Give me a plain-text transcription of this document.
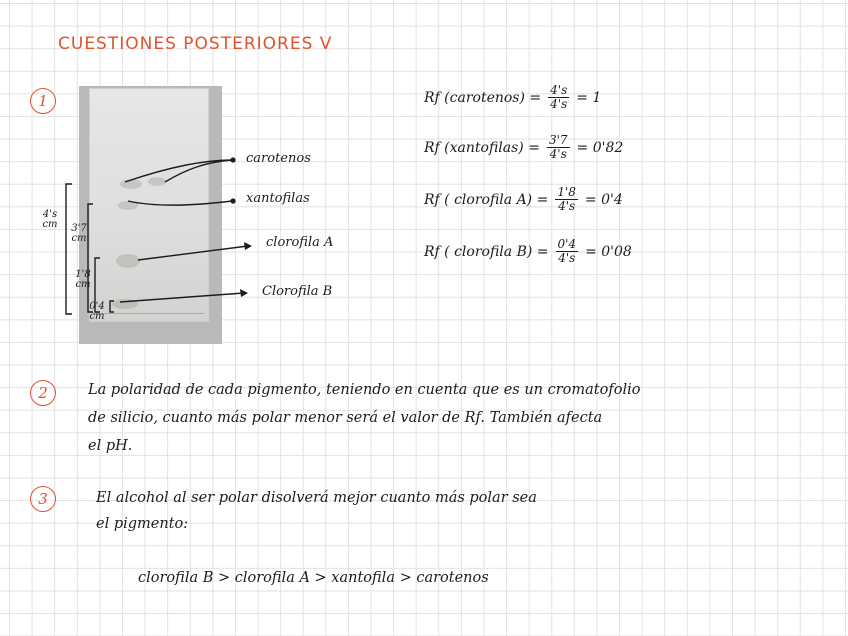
CUESTIONES POSTERIORES Ⅴ
1
carotenos
xantofilas
clorofila A
Clorofila B
4's cm	3'7 cm
1'8 cm
0'4 cm
Rf (carotenos) = $\frac{4's}{4's} = 1$
Rf (xantofilas) = $\frac{3'7}{4's} = 0'82$
Rf ( clorofila $A) = \frac{1'8}{4's} = 0'4$
Rf ( clorofila $B) = \frac{0'4}{4's} = 0'08$
2	La polaridad de cada pigmento, teniendo en cuenta que es un cromatofolio
de silicio, cuanto más polar menor será el valor de Rf. También afecta
el pH.
3	El alcohol al ser polar disolverá mejor cuanto más polar sea
el pigmento:
clorofila B > clorofila A > xantofila > carotenos
